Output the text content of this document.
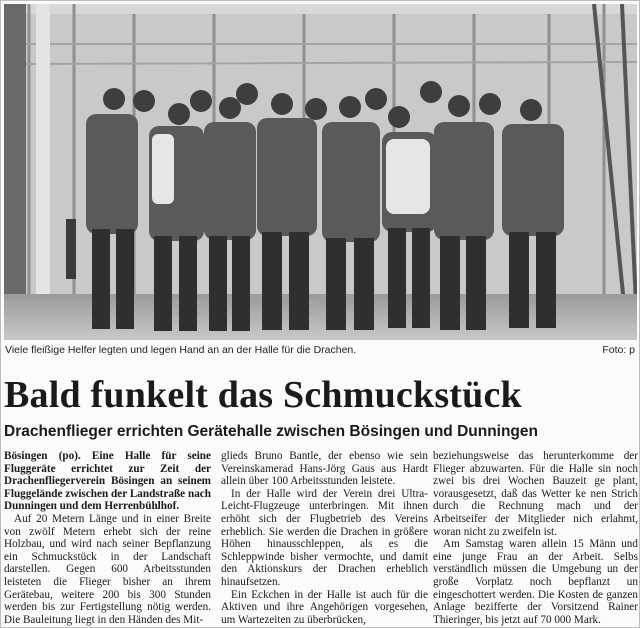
Viele fleißige Helfer legten und legen Hand an an der Halle für die Drachen.	Foto: p
Bald funkelt das Schmuckstück
Drachenflieger errichten Gerätehalle zwischen Bösingen und Dunningen

Bösingen (po). Eine Halle für seine Fluggeräte errichtet zur Zeit der Drachenfliegerverein Bösingen an seinem Fluggelände zwischen der Landstraße nach Dunningen und dem Herrenbühlhof.

Auf 20 Metern Länge und in einer Breite von zwölf Metern erhebt sich der reine Holzbau, und wird nach seiner Bepflanzung ein Schmuckstück in der Landschaft darstellen. Gegen 600 Arbeitsstunden leisteten die Flieger bisher an ihrem Gerätebau, weitere 200 bis 300 Stunden werden bis zur Fertigstellung nötig werden. Die Bauleitung liegt in den Händen des Mit-

glieds Bruno Bantle, der ebenso wie sein Vereinskamerad Hans-Jörg Gaus aus Hardt allein über 100 Arbeitsstunden leistete.

In der Halle wird der Verein drei Ultra-Leicht-Flugzeuge unterbringen. Mit ihnen erhöht sich der Flugbetrieb des Vereins erheblich. Sie werden die Drachen in größere Höhen hinausschleppen, als es die Schleppwinde bisher vermochte, und damit den Aktionskurs der Drachen erheblich hinaufsetzen.

Ein Eckchen in der Halle ist auch für die Aktiven und ihre Angehörigen vorgesehen, um Wartezeiten zu überbrücken,

beziehungsweise das herunterkomme der Flieger abzuwarten. Für die Halle sin noch zwei bis drei Wochen Bauzeit ge plant, vorausgesetzt, daß das Wetter ke nen Strich durch die Rechnung mach und der Arbeitseifer der Mitglieder nich erlahmt, woran nicht zu zweifeln ist.

Am Samstag waren allein 15 Männ und eine junge Frau an der Arbeit. Selbs verständlich müssen die Umgebung un der große Vorplatz noch bepflanzt un eingeschottert werden. Die Kosten de ganzen Anlage bezifferte der Vorsitzend Rainer Thieringer, bis jetzt auf 70 000 Mark.
